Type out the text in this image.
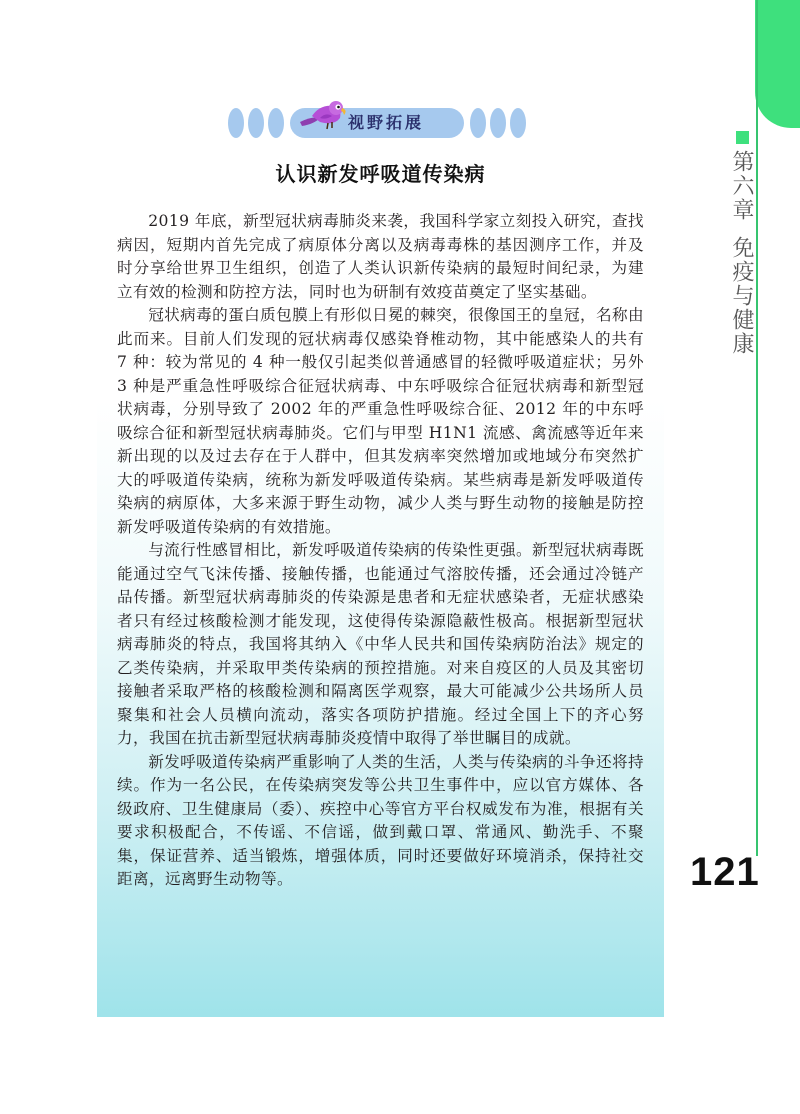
第六章免疫与健康
121
视野拓展
认识新发呼吸道传染病

2019 年底，新型冠状病毒肺炎来袭，我国科学家立刻投入研究，查找病因，短期内首先完成了病原体分离以及病毒毒株的基因测序工作，并及时分享给世界卫生组织，创造了人类认识新传染病的最短时间纪录，为建立有效的检测和防控方法，同时也为研制有效疫苗奠定了坚实基础。

冠状病毒的蛋白质包膜上有形似日冕的棘突，很像国王的皇冠，名称由此而来。目前人们发现的冠状病毒仅感染脊椎动物，其中能感染人的共有 7 种：较为常见的 4 种一般仅引起类似普通感冒的轻微呼吸道症状；另外 3 种是严重急性呼吸综合征冠状病毒、中东呼吸综合征冠状病毒和新型冠状病毒，分别导致了 2002 年的严重急性呼吸综合征、2012 年的中东呼吸综合征和新型冠状病毒肺炎。它们与甲型 H1N1 流感、禽流感等近年来新出现的以及过去存在于人群中，但其发病率突然增加或地域分布突然扩大的呼吸道传染病，统称为新发呼吸道传染病。某些病毒是新发呼吸道传染病的病原体，大多来源于野生动物，减少人类与野生动物的接触是防控新发呼吸道传染病的有效措施。

与流行性感冒相比，新发呼吸道传染病的传染性更强。新型冠状病毒既能通过空气飞沫传播、接触传播，也能通过气溶胶传播，还会通过冷链产品传播。新型冠状病毒肺炎的传染源是患者和无症状感染者，无症状感染者只有经过核酸检测才能发现，这使得传染源隐蔽性极高。根据新型冠状病毒肺炎的特点，我国将其纳入《中华人民共和国传染病防治法》规定的乙类传染病，并采取甲类传染病的预控措施。对来自疫区的人员及其密切接触者采取严格的核酸检测和隔离医学观察，最大可能减少公共场所人员聚集和社会人员横向流动，落实各项防护措施。经过全国上下的齐心努力，我国在抗击新型冠状病毒肺炎疫情中取得了举世瞩目的成就。

新发呼吸道传染病严重影响了人类的生活，人类与传染病的斗争还将持续。作为一名公民，在传染病突发等公共卫生事件中，应以官方媒体、各级政府、卫生健康局（委）、疾控中心等官方平台权威发布为准，根据有关要求积极配合，不传谣、不信谣，做到戴口罩、常通风、勤洗手、不聚集，保证营养、适当锻炼，增强体质，同时还要做好环境消杀，保持社交距离，远离野生动物等。
